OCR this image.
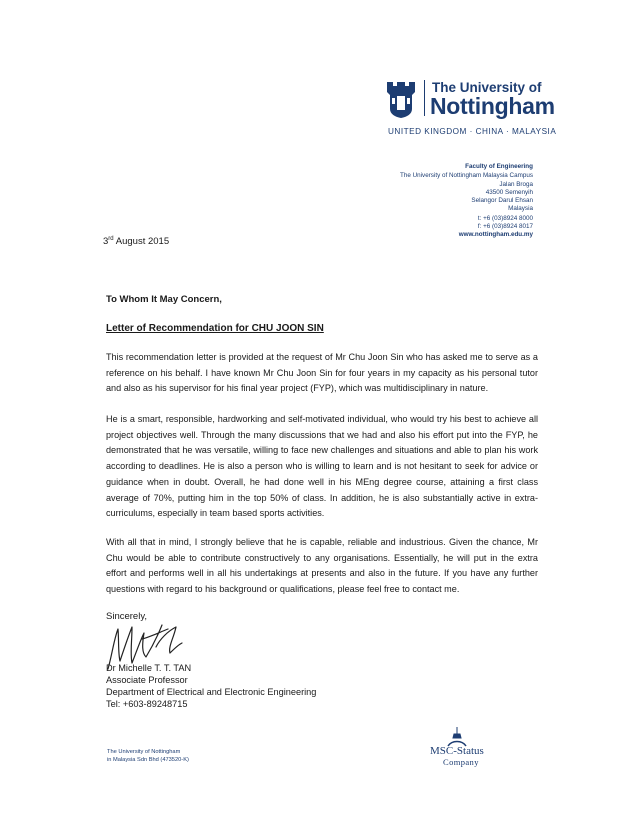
The University of
Nottingham
UNITED KINGDOM · CHINA · MALAYSIA
Faculty of Engineering
The University of Nottingham Malaysia Campus
Jalan Broga
43500 Semenyih
Selangor Darul Ehsan
Malaysia
t: +6 (03)8924 8000
f: +6 (03)8924 8017
www.nottingham.edu.my
3rd August 2015
To Whom It May Concern,
Letter of Recommendation for CHU JOON SIN
This recommendation letter is provided at the request of Mr Chu Joon Sin who has asked me to serve as a reference on his behalf. I have known Mr Chu Joon Sin for four years in my capacity as his personal tutor and also as his supervisor for his final year project (FYP), which was multidisciplinary in nature.
He is a smart, responsible, hardworking and self-motivated individual, who would try his best to achieve all project objectives well. Through the many discussions that we had and also his effort put into the FYP, he demonstrated that he was versatile, willing to face new challenges and situations and able to plan his work according to deadlines. He is also a person who is willing to learn and is not hesitant to seek for advice or guidance when in doubt. Overall, he had done well in his MEng degree course, attaining a first class average of 70%, putting him in the top 50% of class. In addition, he is also substantially active in extra-curriculums, especially in team based sports activities.
With all that in mind, I strongly believe that he is capable, reliable and industrious. Given the chance, Mr Chu would be able to contribute constructively to any organisations. Essentially, he will put in the extra effort and performs well in all his undertakings at presents and also in the future. If you have any further questions with regard to his background or qualifications, please feel free to contact me.
Sincerely,
Dr Michelle T. T. TAN
Associate Professor
Department of Electrical and Electronic Engineering
Tel: +603-89248715
The University of Nottingham
in Malaysia Sdn Bhd (473520-K)
MSC-Status
Company
